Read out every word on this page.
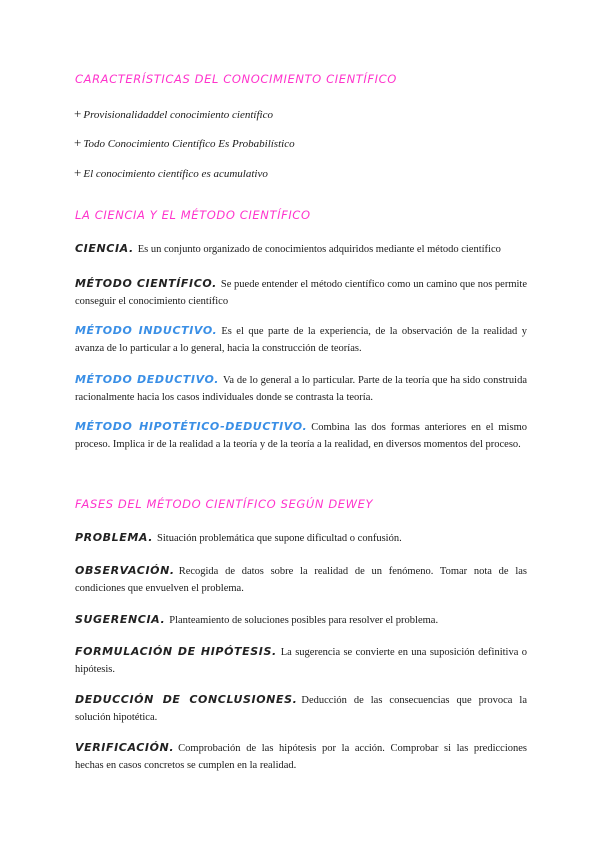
CARACTERÍSTICAS DEL CONOCIMIENTO CIENTÍFICO
+ Provisionalidaddel conocimiento científico
+ Todo Conocimiento Científico Es Probabilístico
+ El conocimiento científico es acumulativo
LA CIENCIA Y EL MÉTODO CIENTÍFICO
CIENCIA. Es un conjunto organizado de conocimientos adquiridos mediante el método científico
MÉTODO CIENTÍFICO. Se puede entender el método científico como un camino que nos permite conseguir el conocimiento científico
MÉTODO INDUCTIVO. Es el que parte de la experiencia, de la observación de la realidad y avanza de lo particular a lo general, hacia la construcción de teorías.
MÉTODO DEDUCTIVO. Va de lo general a lo particular. Parte de la teoría que ha sido construida racionalmente hacia los casos individuales donde se contrasta la teoría.
MÉTODO HIPOTÉTICO-DEDUCTIVO. Combina las dos formas anteriores en el mismo proceso. Implica ir de la realidad a la teoría y de la teoría a la realidad, en diversos momentos del proceso.
FASES DEL MÉTODO CIENTÍFICO SEGÚN DEWEY
PROBLEMA. Situación problemática que supone dificultad o confusión.
OBSERVACIÓN. Recogida de datos sobre la realidad de un fenómeno. Tomar nota de las condiciones que envuelven el problema.
SUGERENCIA. Planteamiento de soluciones posibles para resolver el problema.
FORMULACIÓN DE HIPÓTESIS. La sugerencia se convierte en una suposición definitiva o hipótesis.
DEDUCCIÓN DE CONCLUSIONES. Deducción de las consecuencias que provoca la solución hipotética.
VERIFICACIÓN. Comprobación de las hipótesis por la acción. Comprobar si las predicciones hechas en casos concretos se cumplen en la realidad.
